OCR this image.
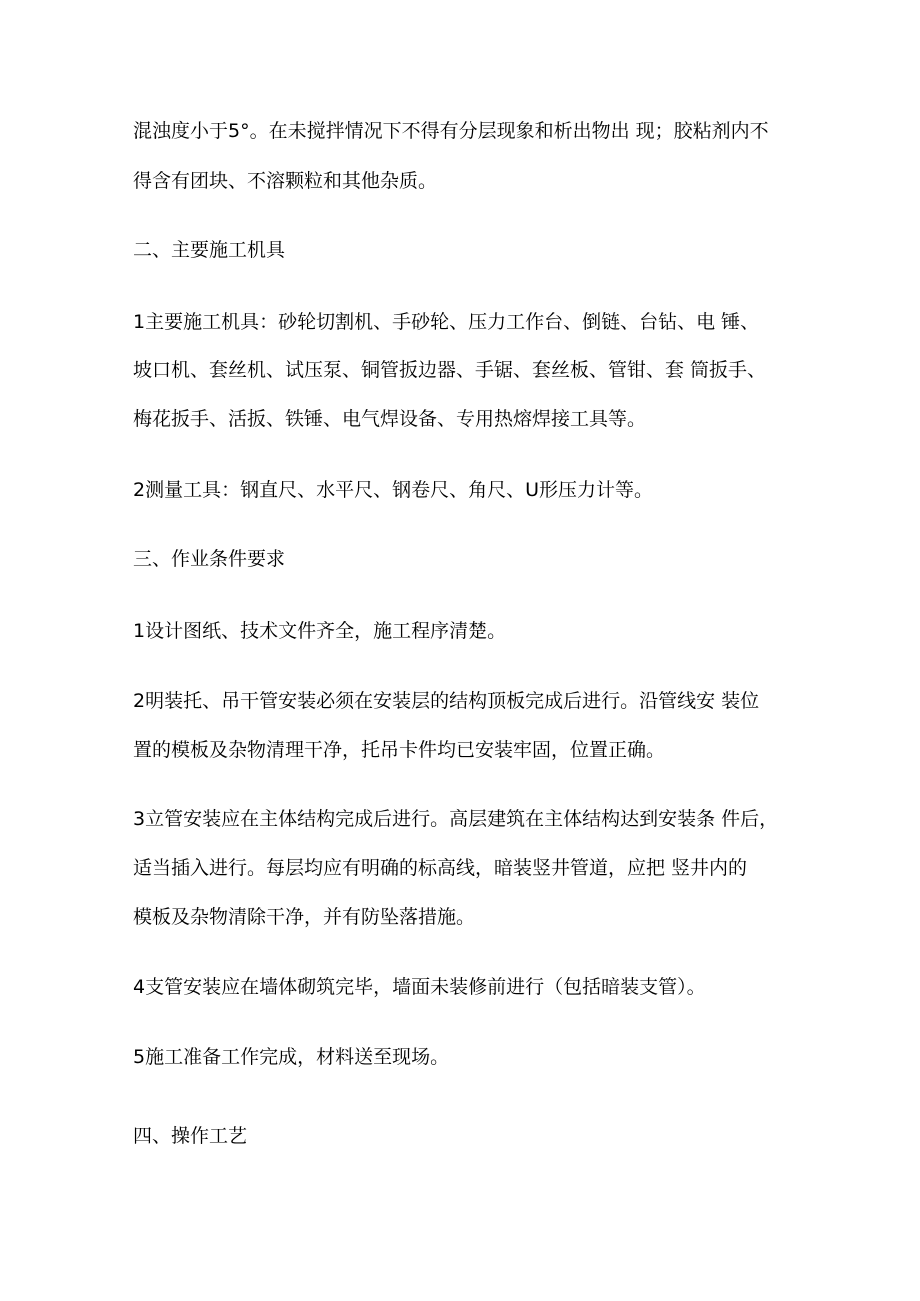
混浊度小于5°。在未搅拌情况下不得有分层现象和析出物出 现；胶粘剂内不

得含有团块、不溶颗粒和其他杂质。

二、主要施工机具

1主要施工机具：砂轮切割机、手砂轮、压力工作台、倒链、台钻、电 锤、

坡口机、套丝机、试压泵、铜管扳边器、手锯、套丝板、管钳、套 筒扳手、

梅花扳手、活扳、铁锤、电气焊设备、专用热熔焊接工具等。

2测量工具：钢直尺、水平尺、钢卷尺、角尺、U形压力计等。

三、作业条件要求

1设计图纸、技术文件齐全，施工程序清楚。

2明装托、吊干管安装必须在安装层的结构顶板完成后进行。沿管线安 装位

置的模板及杂物清理干净，托吊卡件均已安装牢固，位置正确。

3立管安装应在主体结构完成后进行。高层建筑在主体结构达到安装条 件后，

适当插入进行。每层均应有明确的标高线，暗装竖井管道，应把 竖井内的

模板及杂物清除干净，并有防坠落措施。

4支管安装应在墙体砌筑完毕，墙面未装修前进行（包括暗装支管）。

5施工准备工作完成，材料送至现场。

四、操作工艺
